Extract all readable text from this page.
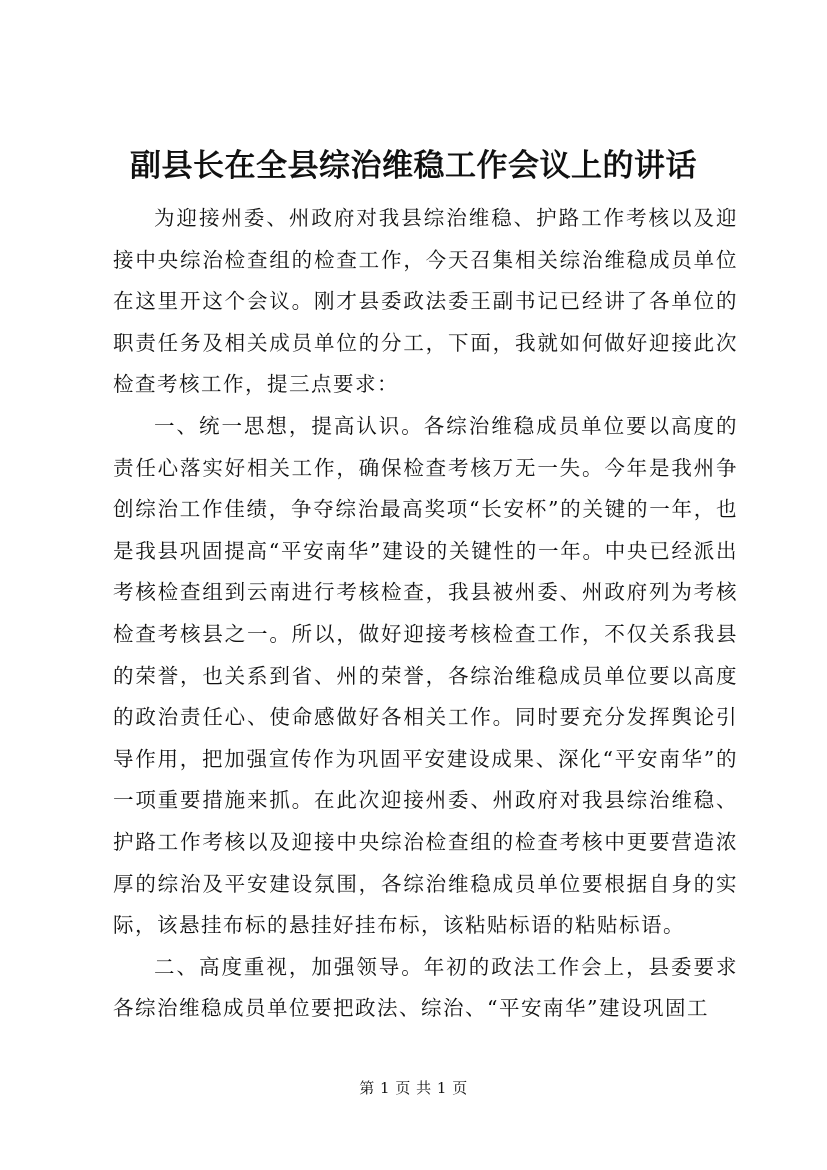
副县长在全县综治维稳工作会议上的讲话

为迎接州委、州政府对我县综治维稳、护路工作考核以及迎接中央综治检查组的检查工作，今天召集相关综治维稳成员单位在这里开这个会议。刚才县委政法委王副书记已经讲了各单位的职责任务及相关成员单位的分工，下面，我就如何做好迎接此次检查考核工作，提三点要求：

一、统一思想，提高认识。各综治维稳成员单位要以高度的责任心落实好相关工作，确保检查考核万无一失。今年是我州争创综治工作佳绩，争夺综治最高奖项“长安杯”的关键的一年，也是我县巩固提高“平安南华”建设的关键性的一年。中央已经派出考核检查组到云南进行考核检查，我县被州委、州政府列为考核检查考核县之一。所以，做好迎接考核检查工作，不仅关系我县的荣誉，也关系到省、州的荣誉，各综治维稳成员单位要以高度的政治责任心、使命感做好各相关工作。同时要充分发挥舆论引导作用，把加强宣传作为巩固平安建设成果、深化“平安南华”的一项重要措施来抓。在此次迎接州委、州政府对我县综治维稳、护路工作考核以及迎接中央综治检查组的检查考核中更要营造浓厚的综治及平安建设氛围，各综治维稳成员单位要根据自身的实际，该悬挂布标的悬挂好挂布标，该粘贴标语的粘贴标语。

二、高度重视，加强领导。年初的政法工作会上，县委要求各综治维稳成员单位要把政法、综治、“平安南华”建设巩固工

第 1 页 共 1 页
